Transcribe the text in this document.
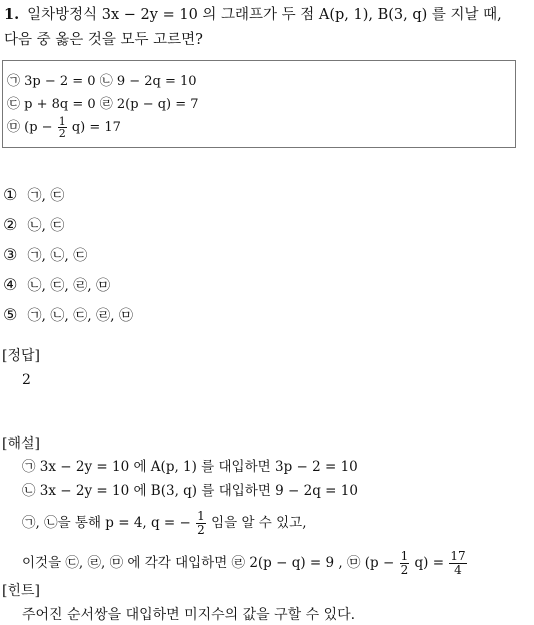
1. 일차방정식 3x − 2y = 10 의 그래프가 두 점 A(p, 1), B(3, q) 를 지날 때,
다음 중 옳은 것을 모두 고르면?
㉠ 3p − 2 = 0 ㉡ 9 − 2q = 10
㉢ p + 8q = 0 ㉣ 2(p − q) = 7
㉤ $(p - \frac{1}{2} q) = 17$
① ㉠, ㉢
② ㉡, ㉢
③ ㉠, ㉡, ㉢
④ ㉡, ㉢, ㉣, ㉤
⑤ ㉠, ㉡, ㉢, ㉣, ㉤
[정답]
2
[해설]
㉠ 3x − 2y = 10 에 A(p, 1) 를 대입하면 3p − 2 = 10
㉡ 3x − 2y = 10 에 B(3, q) 를 대입하면 9 − 2q = 10
㉠, ㉡을 통해 p = 4, q = − $\frac{1}{2}$ 임을 알 수 있고,
이것을 ㉢, ㉣, ㉤ 에 각각 대입하면 ㉣ 2(p − q) = 9 , ㉤ $(p - \frac{1}{2} q) = \frac{17}{4}$
[힌트]
주어진 순서쌍을 대입하면 미지수의 값을 구할 수 있다.
